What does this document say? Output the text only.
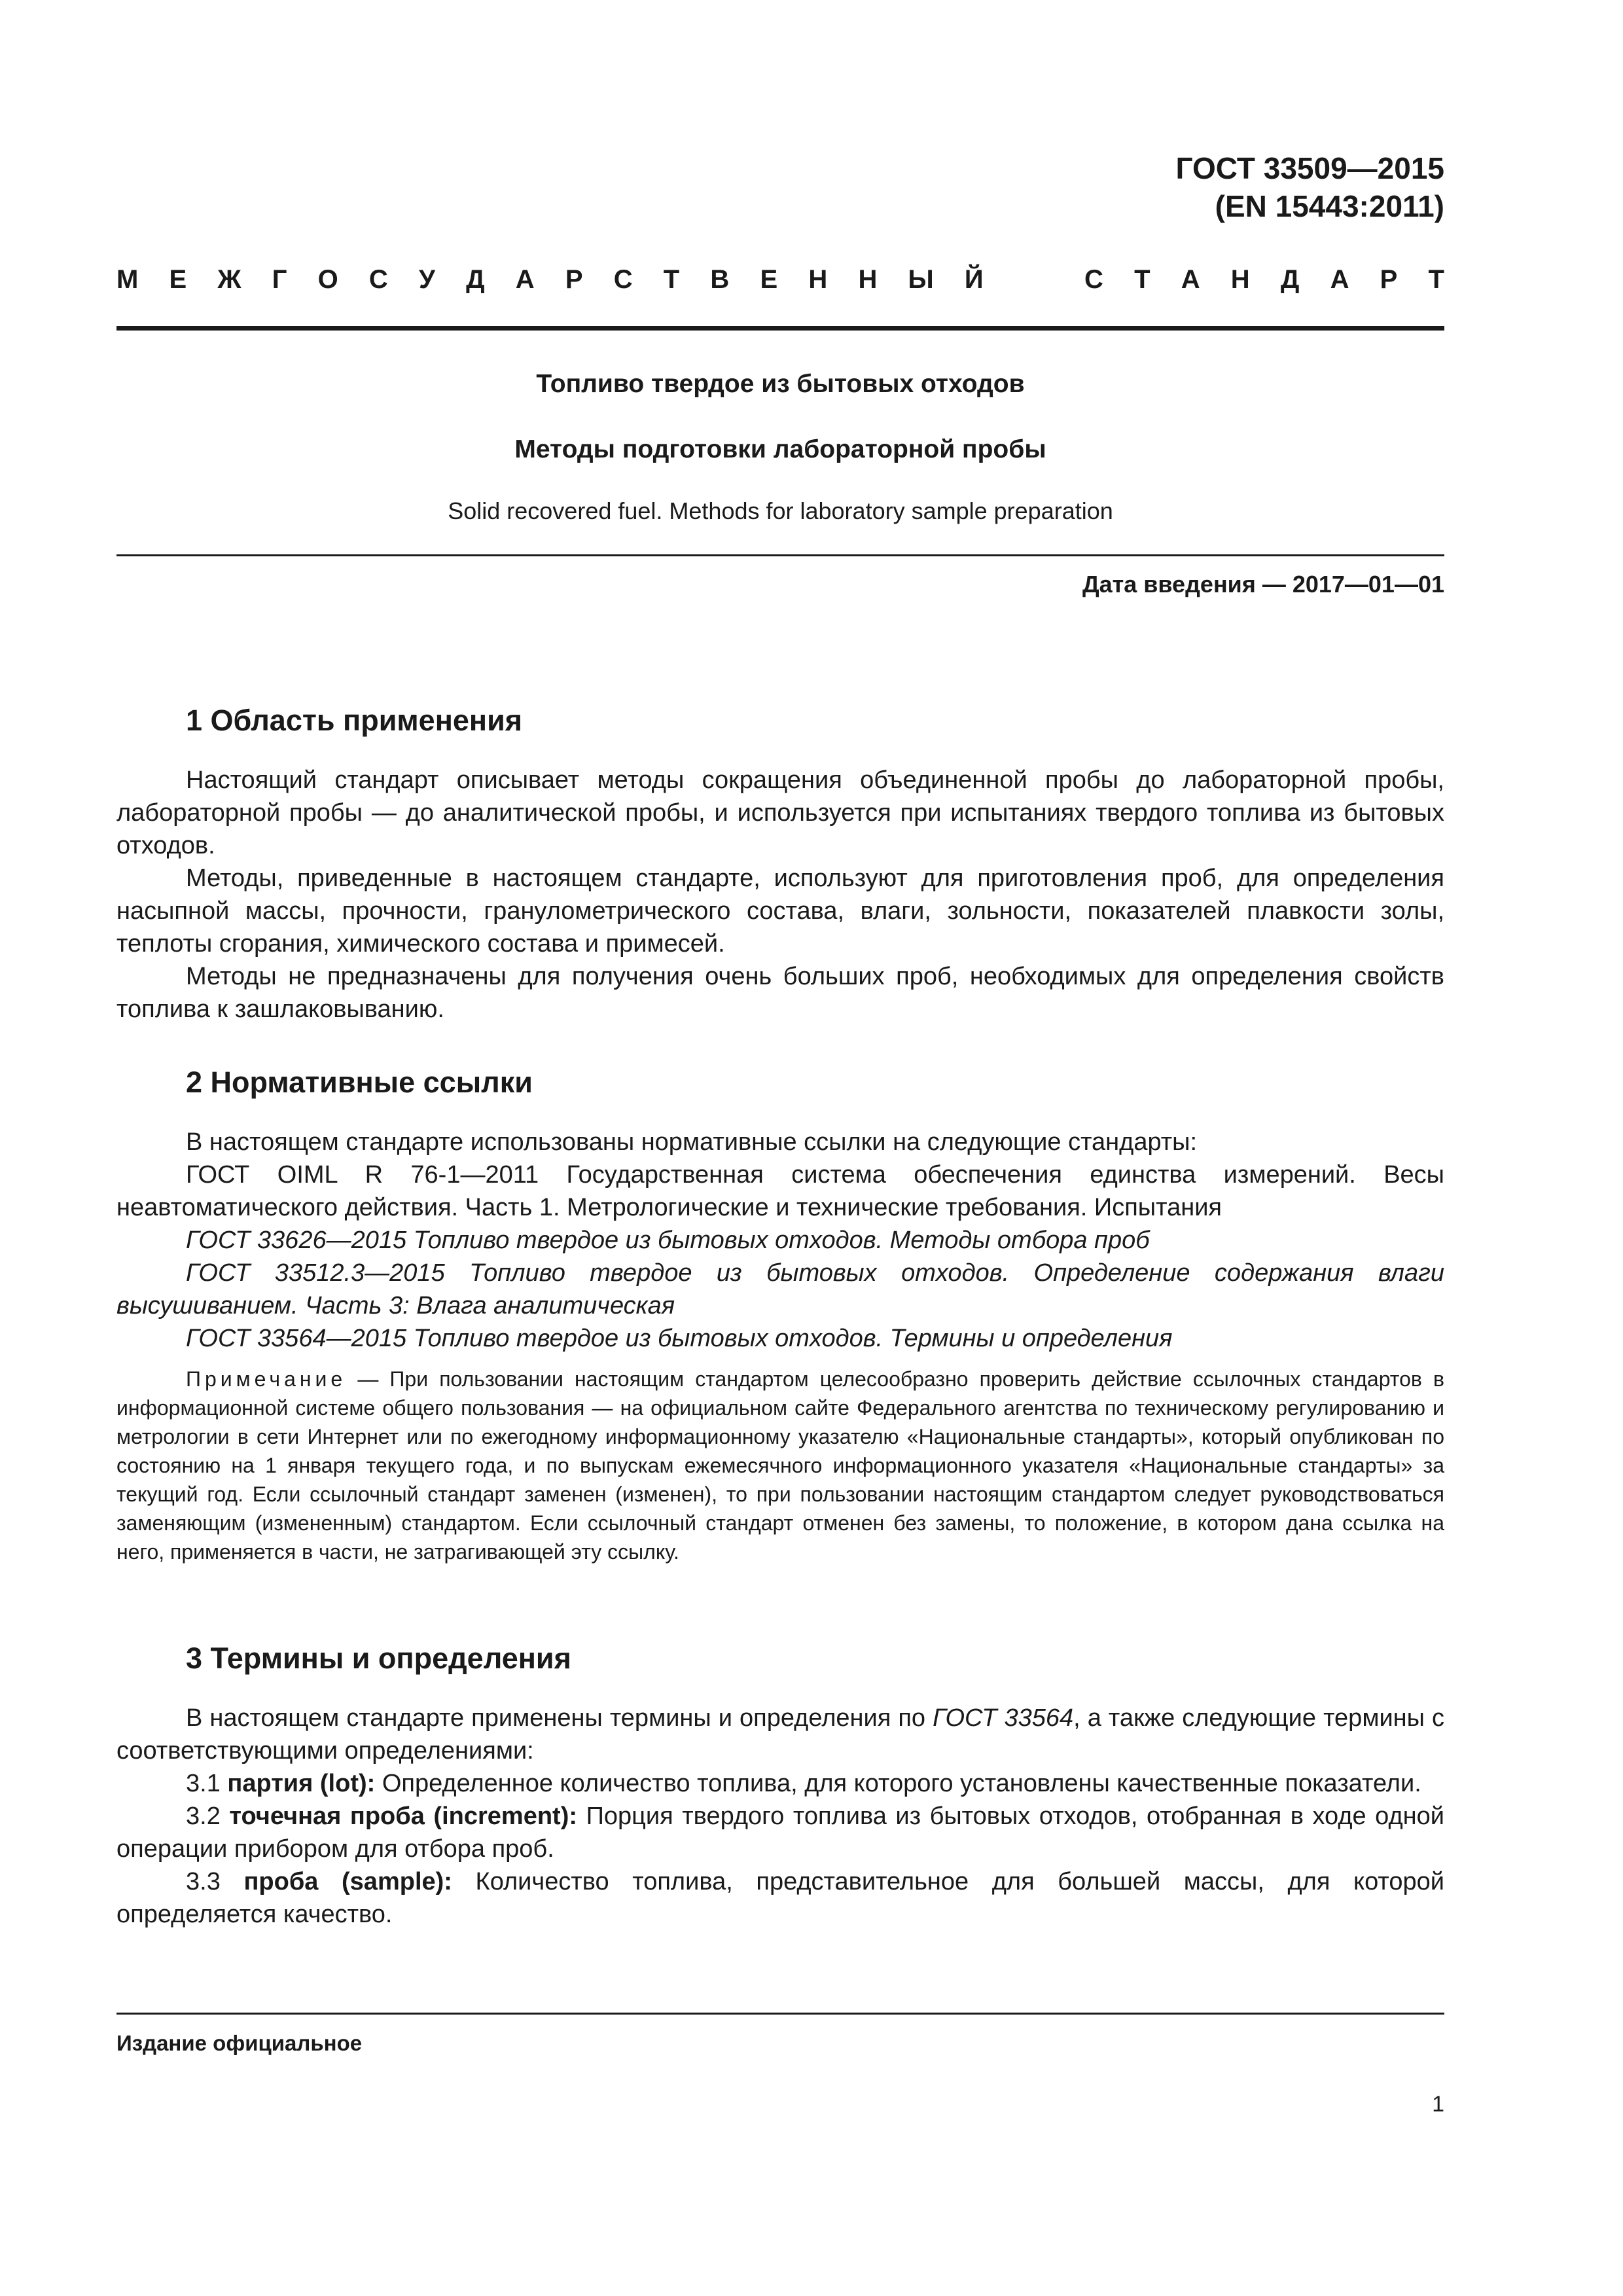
ГОСТ 33509—2015
(EN 15443:2011)
М Е Ж Г О С У Д А Р С Т В Е Н Н Ы Й	С Т А Н Д А Р Т
Топливо твердое из бытовых отходов
Методы подготовки лабораторной пробы
Solid recovered fuel. Methods for laboratory sample preparation
Дата введения — 2017—01—01
1 Область применения

Настоящий стандарт описывает методы сокращения объединенной пробы до лабораторной пробы, лабораторной пробы — до аналитической пробы, и используется при испытаниях твердого топлива из бытовых отходов.

Методы, приведенные в настоящем стандарте, используют для приготовления проб, для определения насыпной массы, прочности, гранулометрического состава, влаги, зольности, показателей плавкости золы, теплоты сгорания, химического состава и примесей.

Методы не предназначены для получения очень больших проб, необходимых для определения свойств топлива к зашлаковыванию.

2 Нормативные ссылки

В настоящем стандарте использованы нормативные ссылки на следующие стандарты:

ГОСТ OIML R 76-1—2011 Государственная система обеспечения единства измерений. Весы неавтоматического действия. Часть 1. Метрологические и технические требования. Испытания

ГОСТ 33626—2015 Топливо твердое из бытовых отходов. Методы отбора проб

ГОСТ 33512.3—2015 Топливо твердое из бытовых отходов. Определение содержания влаги высушиванием. Часть 3: Влага аналитическая

ГОСТ 33564—2015 Топливо твердое из бытовых отходов. Термины и определения

Примечание — При пользовании настоящим стандартом целесообразно проверить действие ссылочных стандартов в информационной системе общего пользования — на официальном сайте Федерального агентства по техническому регулированию и метрологии в сети Интернет или по ежегодному информационному указателю «Национальные стандарты», который опубликован по состоянию на 1 января текущего года, и по выпускам ежемесячного информационного указателя «Национальные стандарты» за текущий год. Если ссылочный стандарт заменен (изменен), то при пользовании настоящим стандартом следует руководствоваться заменяющим (измененным) стандартом. Если ссылочный стандарт отменен без замены, то положение, в котором дана ссылка на него, применяется в части, не затрагивающей эту ссылку.

3 Термины и определения

В настоящем стандарте применены термины и определения по ГОСТ 33564, а также следующие термины с соответствующими определениями:

3.1 партия (lot): Определенное количество топлива, для которого установлены качественные показатели.

3.2 точечная проба (increment): Порция твердого топлива из бытовых отходов, отобранная в ходе одной операции прибором для отбора проб.

3.3 проба (sample): Количество топлива, представительное для большей массы, для которой определяется качество.

Издание официальное
1
